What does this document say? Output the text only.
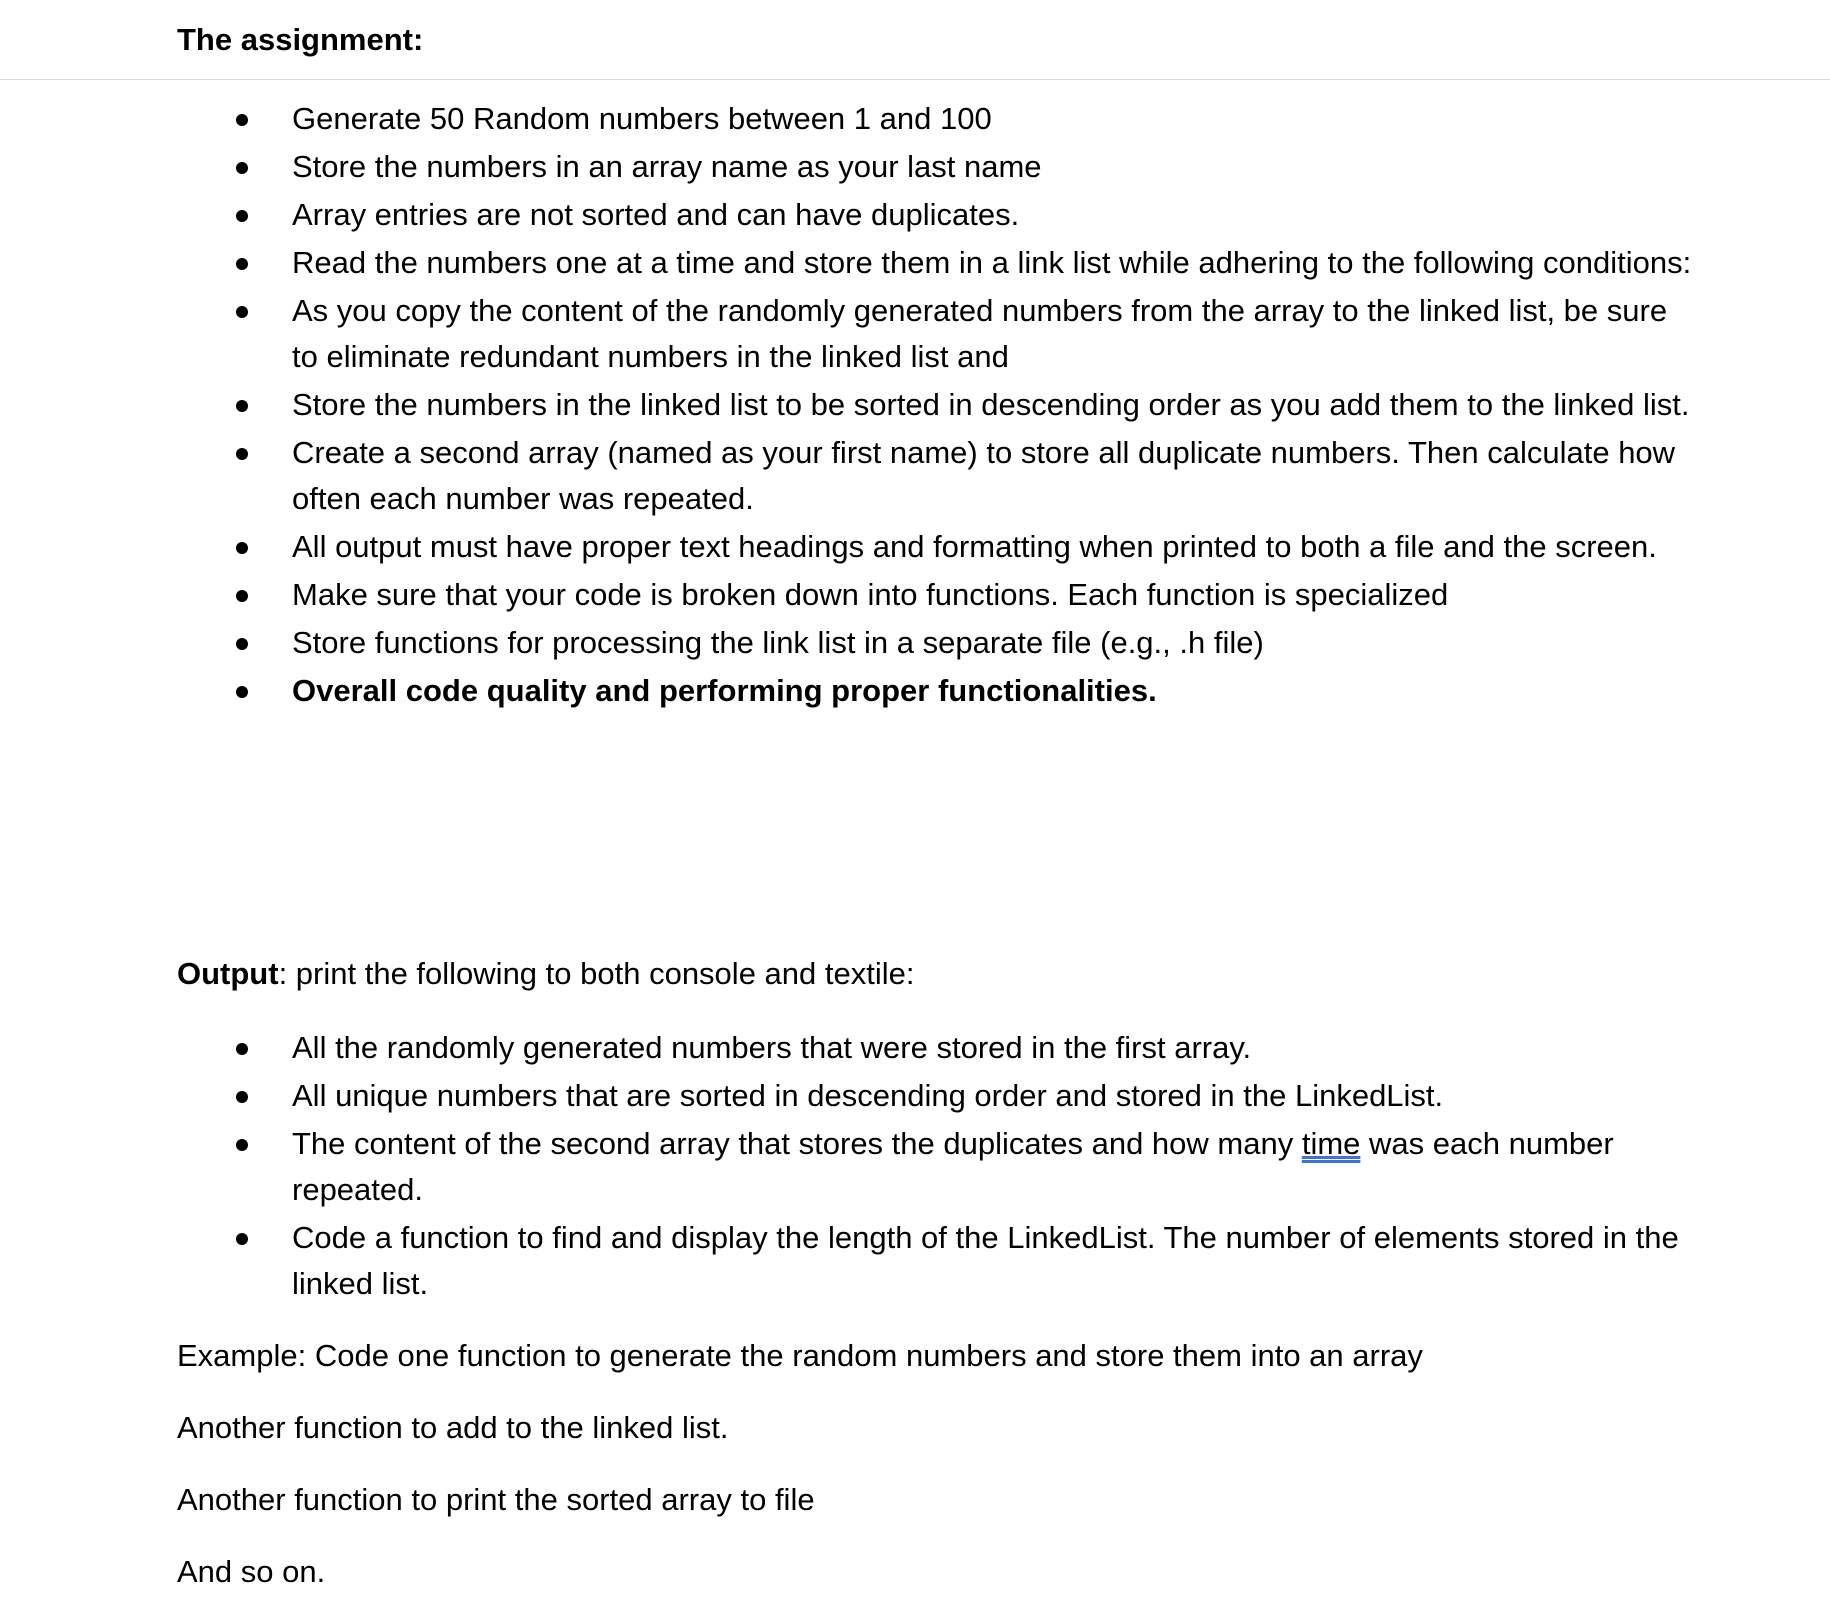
The assignment:
Generate 50 Random numbers between 1 and 100
Store the numbers in an array name as your last name
Array entries are not sorted and can have duplicates.
Read the numbers one at a time and store them in a link list while adhering to the following conditions:
As you copy the content of the randomly generated numbers from the array to the linked list, be sure to eliminate redundant numbers in the linked list and
Store the numbers in the linked list to be sorted in descending order as you add them to the linked list.
Create a second array (named as your first name) to store all duplicate numbers. Then calculate how often each number was repeated.
All output must have proper text headings and formatting when printed to both a file and the screen.
Make sure that your code is broken down into functions. Each function is specialized
Store functions for processing the link list in a separate file (e.g., .h file)
Overall code quality and performing proper functionalities.
Output: print the following to both console and textile:
All the randomly generated numbers that were stored in the first array.
All unique numbers that are sorted in descending order and stored in the LinkedList.
The content of the second array that stores the duplicates and how many time was each number repeated.
Code a function to find and display the length of the LinkedList. The number of elements stored in the linked list.
Example: Code one function to generate the random numbers and store them into an array
Another function to add to the linked list.
Another function to print the sorted array to file
And so on.
